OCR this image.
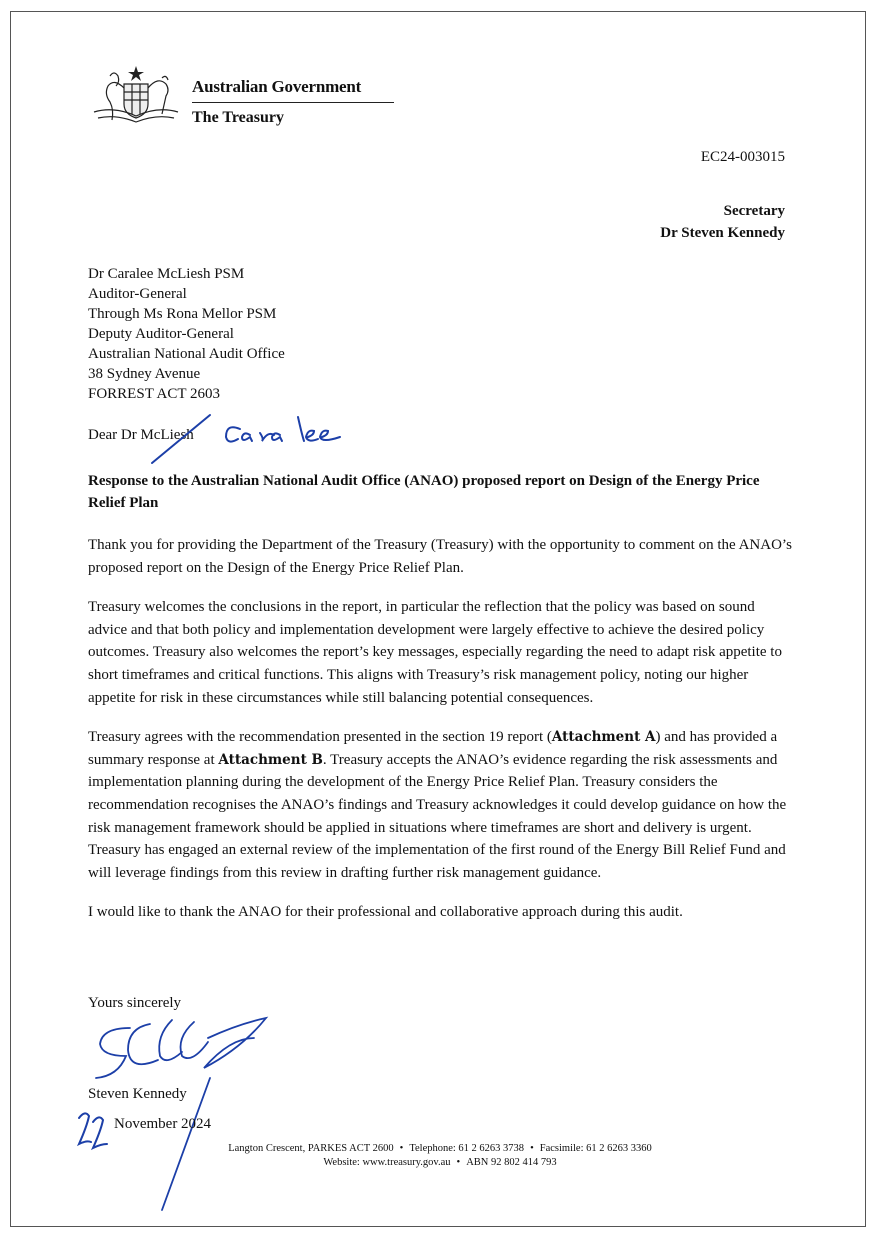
Australian Government
The Treasury
EC24-003015
Secretary
Dr Steven Kennedy
Dr Caralee McLiesh PSM
Auditor-General
Through Ms Rona Mellor PSM
Deputy Auditor-General
Australian National Audit Office
38 Sydney Avenue
FORREST ACT 2603
Dear Dr McLiesh
Response to the Australian National Audit Office (ANAO) proposed report on Design of the Energy Price Relief Plan

Thank you for providing the Department of the Treasury (Treasury) with the opportunity to comment on the ANAO’s proposed report on the Design of the Energy Price Relief Plan.

Treasury welcomes the conclusions in the report, in particular the reflection that the policy was based on sound advice and that both policy and implementation development were largely effective to achieve the desired policy outcomes. Treasury also welcomes the report’s key messages, especially regarding the need to adapt risk appetite to short timeframes and critical functions. This aligns with Treasury’s risk management policy, noting our higher appetite for risk in these circumstances while still balancing potential consequences.

Treasury agrees with the recommendation presented in the section 19 report (Attachment A) and has provided a summary response at Attachment B. Treasury accepts the ANAO’s evidence regarding the risk assessments and implementation planning during the development of the Energy Price Relief Plan. Treasury considers the recommendation recognises the ANAO’s findings and Treasury acknowledges it could develop guidance on how the risk management framework should be applied in situations where timeframes are short and delivery is urgent. Treasury has engaged an external review of the implementation of the first round of the Energy Bill Relief Fund and will leverage findings from this review in drafting further risk management guidance.

I would like to thank the ANAO for their professional and collaborative approach during this audit.

Yours sincerely
Steven Kennedy
November 2024
Langton Crescent, PARKES ACT 2600 • Telephone: 61 2 6263 3738 • Facsimile: 61 2 6263 3360
Website: www.treasury.gov.au • ABN 92 802 414 793
